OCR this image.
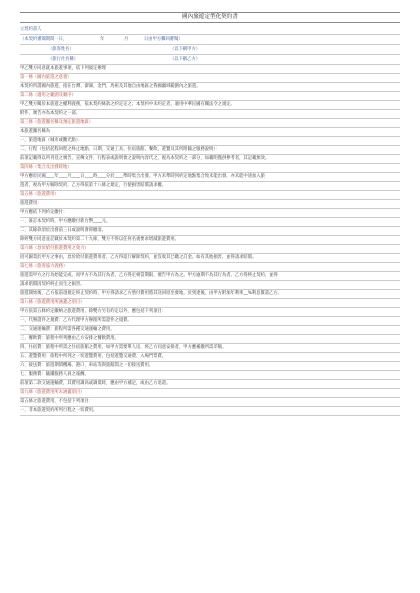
國內旅遊定型化契約書
立契約書人
（本契約審閱期間一日，	年	月	日由甲方攜回審閱）
（旅客姓名）	（以下稱甲方）
（旅行社名稱）	（以下稱乙方）
甲乙雙方同意就本旅遊事項，依下列規定辦理
第一條（國內旅遊之意義）
本契約所謂國內旅遊，指在台灣、澎湖、金門、馬祖及其他自由地區之我國疆域範圍內之旅遊。
第二條（適用之範圍及順序）
甲乙雙方關於本旅遊之權利義務，依本契約條款之約定定之；本契約中未約定者，適用中華民國有關法令之規定。
附件、廣告亦為本契約之一部。
第三條（旅遊團名稱及預定旅遊地區）
本旅遊團名稱為
一、旅遊地區（城市或觀光點）：
二、行程（包括起程回程之終止地點、日期、交通工具、住宿旅館、餐飲、遊覽及其所附隨之服務說明）：
前項記載得以所刊登之廣告、宣傳文件、行程表或說明會之說明內容代之，視為本契約之一部分，如載明僅供參考者，其記載無效。
第四條（集合及出發時地）
甲方應於民國____年____月____日____時____分於____準時集合出發。甲方未準時到約定地點集合致未能出發，亦未能中途加入旅
遊者，視為甲方解除契約，乙方得依第十八條之規定，行使損害賠償請求權。
第五條（旅遊費用）
旅遊費用：
甲方應依下列約定繳付：
一、簽訂本契約時，甲方應繳付新台幣____元。
二、其餘款項於出發前三日或說明會時繳清。
除經雙方同意並記載於本契約第二十九條，雙方不得以任何名義要求增減旅遊費用。
第六條（怠於給付旅遊費用之效力）
因可歸責於甲方之事由，怠於給付旅遊費用者，乙方得逕行解除契約，並沒收其已繳之訂金。如有其他損害，並得請求賠償。
第七條（旅客協力義務）
旅遊需甲方之行為始能完成，而甲方不為其行為者，乙方得定相當期限，催告甲方為之。甲方逾期不為其行為者，乙方得終止契約，並得
請求賠償因契約終止而生之損害。
旅遊開始後，乙方依前項規定終止契約時，甲方得請求乙方墊付費用將其送回原出發地。於到達後，由甲方附加年利率__%利息償還乙方。
第八條（旅遊費用所涵蓋之項目）
甲方依第五條約定繳納之旅遊費用，除雙方另有約定以外，應包括下列項目：
一、代辦證件之規費：乙方代理甲方辦理所需證件之規費。
二、交通運輸費：旅程所需各種交通運輸之費用。
三、餐飲費：旅程中所列應由乙方安排之餐飲費用。
四、住宿費：旅程中所需之住宿旅館之費用，如甲方需要單人房，經乙方同意安排者，甲方應補繳所需差額。
五、遊覽費用：旅程中所列之一切遊覽費用，包括遊覽交通費、入場門票費。
六、接送費：旅遊期間機場、港口、車站等與旅館間之一切接送費用。
七、服務費：隨團服務人員之報酬。
前項第二款交通運輸費，其費用調高或調低時，應由甲方補足，或由乙方退還。
第九條（旅遊費用所未涵蓋項目）
第五條之旅遊費用，不包括下列項目：
一、非本旅遊契約所列行程之一切費用。
